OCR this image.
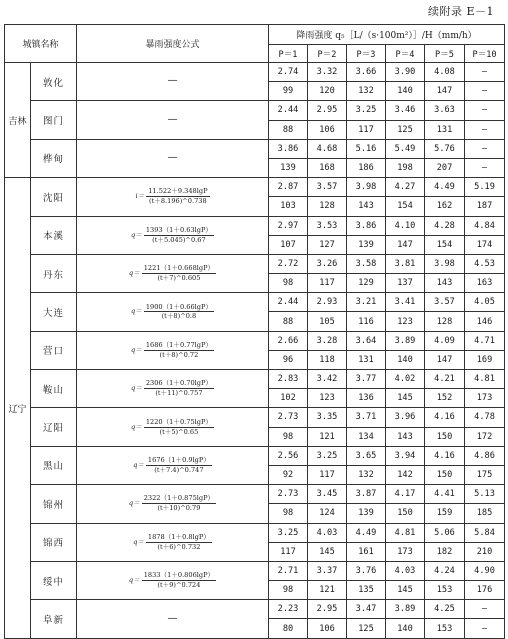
续附录 E－1
城镇名称		暴雨强度公式	降雨强度 q₅［L/（s·100m²）］/H（mm/h）					
			P＝1	P＝2	P＝3	P＝4	P＝5	P＝10
吉林	敦化	—	2.74	3.32	3.66	3.90	4.08	—
			99	120	132	140	147	—
	图门	—	2.44	2.95	3.25	3.46	3.63	—
			88	106	117	125	131	—
	桦甸	—	3.86	4.68	5.16	5.49	5.76	—
			139	168	186	198	207	—
辽宁	沈阳	$i= \frac{11.522+9.348\lg P}{(t+8.196)\^{}0.738}$	2.87	3.57	3.98	4.27	4.49	5.19
			103	128	143	154	162	187
	本溪	$q= \frac{1393(1+0.63\lg P)}{(t+5.045)\^{}0.67}$	2.97	3.53	3.86	4.10	4.28	4.84
			107	127	139	147	154	174
	丹东	$q= \frac{1221(1+0.668\lg P)}{(t+7)\^{}0.605}$	2.72	3.26	3.58	3.81	3.98	4.53
			98	117	129	137	143	163
	大连	$q= \frac{1900(1+0.66\lg P)}{(t+8)\^{}0.8}$	2.44	2.93	3.21	3.41	3.57	4.05
			88	105	116	123	128	146
	营口	$q= \frac{1686(1+0.77\lg P)}{(t+8)\^{}0.72}$	2.66	3.28	3.64	3.89	4.09	4.71
			96	118	131	140	147	169
	鞍山	$q= \frac{2306(1+0.70\lg P)}{(t+11)\^{}0.757}$	2.83	3.42	3.77	4.02	4.21	4.81
			102	123	136	145	152	173
	辽阳	$q= \frac{1220(1+0.75\lg P)}{(t+5)\^{}0.65}$	2.73	3.35	3.71	3.96	4.16	4.78
			98	121	134	143	150	172
	黑山	$q= \frac{1676(1+0.9\lg P)}{(t+7.4)\^{}0.747}$	2.56	3.25	3.65	3.94	4.16	4.86
			92	117	132	142	150	175
	锦州	$q= \frac{2322(1+0.875\lg P)}{(t+10)\^{}0.79}$	2.73	3.45	3.87	4.17	4.41	5.13
			98	124	139	150	159	185
	锦西	$q= \frac{1878(1+0.8\lg P)}{(t+6)\^{}0.732}$	3.25	4.03	4.49	4.81	5.06	5.84
			117	145	161	173	182	210
	绥中	$q= \frac{1833(1+0.806\lg P)}{(t+9)\^{}0.724}$	2.71	3.37	3.76	4.03	4.24	4.90
			98	121	135	145	153	176
	阜新	—	2.23	2.95	3.47	3.89	4.25	—
			80	106	125	140	153	—
